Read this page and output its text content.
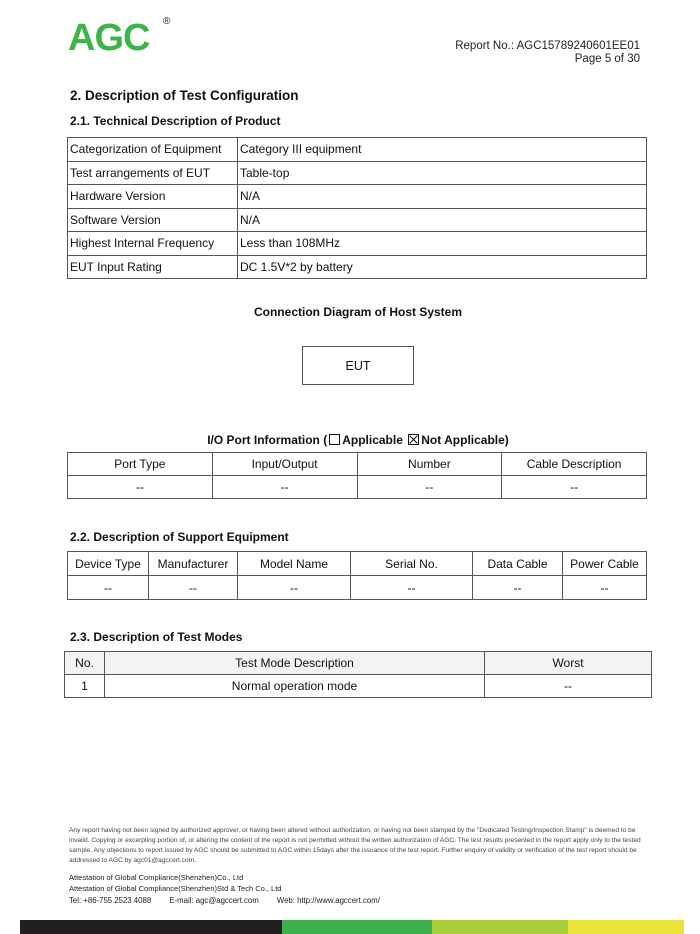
AGC ®
Report No.: AGC15789240601EE01
Page 5 of 30
2. Description of Test Configuration
2.1. Technical Description of Product
Categorization of Equipment	Category III equipment
Test arrangements of EUT	Table-top
Hardware Version	N/A
Software Version	N/A
Highest Internal Frequency	Less than 108MHz
EUT Input Rating	DC 1.5V*2 by battery
Connection Diagram of Host System
EUT
I/O Port Information ( Applicable Not Applicable)
Port Type	Input/Output	Number	Cable Description
--	--	--	--
2.2. Description of Support Equipment
Device Type	Manufacturer	Model Name	Serial No.	Data Cable	Power Cable
--	--	--	--	--	--
2.3. Description of Test Modes
No.	Test Mode Description	Worst
1	Normal operation mode	--
Any report having not been signed by authorized approver, or having been altered without authorization, or having not been stamped by the "Dedicated Testing/Inspection Stamp" is deemed to be invalid. Copying or excerpting portion of, or altering the content of the report is not permitted without the written authorization of AGC. The test results presented in the report apply only to the tested sample. Any objections to report issued by AGC should be submitted to AGC within 15days after the issuance of the test report. Further enquiry of validity or verification of the test report should be addressed to AGC by agc01@agccert.com.
Attestation of Global Compliance(Shenzhen)Co., Ltd
Attestation of Global Compliance(Shenzhen)Std & Tech Co., Ltd
Tel: +86-755 2523 4088 E-mail: agc@agccert.com Web: http://www.agccert.com/
